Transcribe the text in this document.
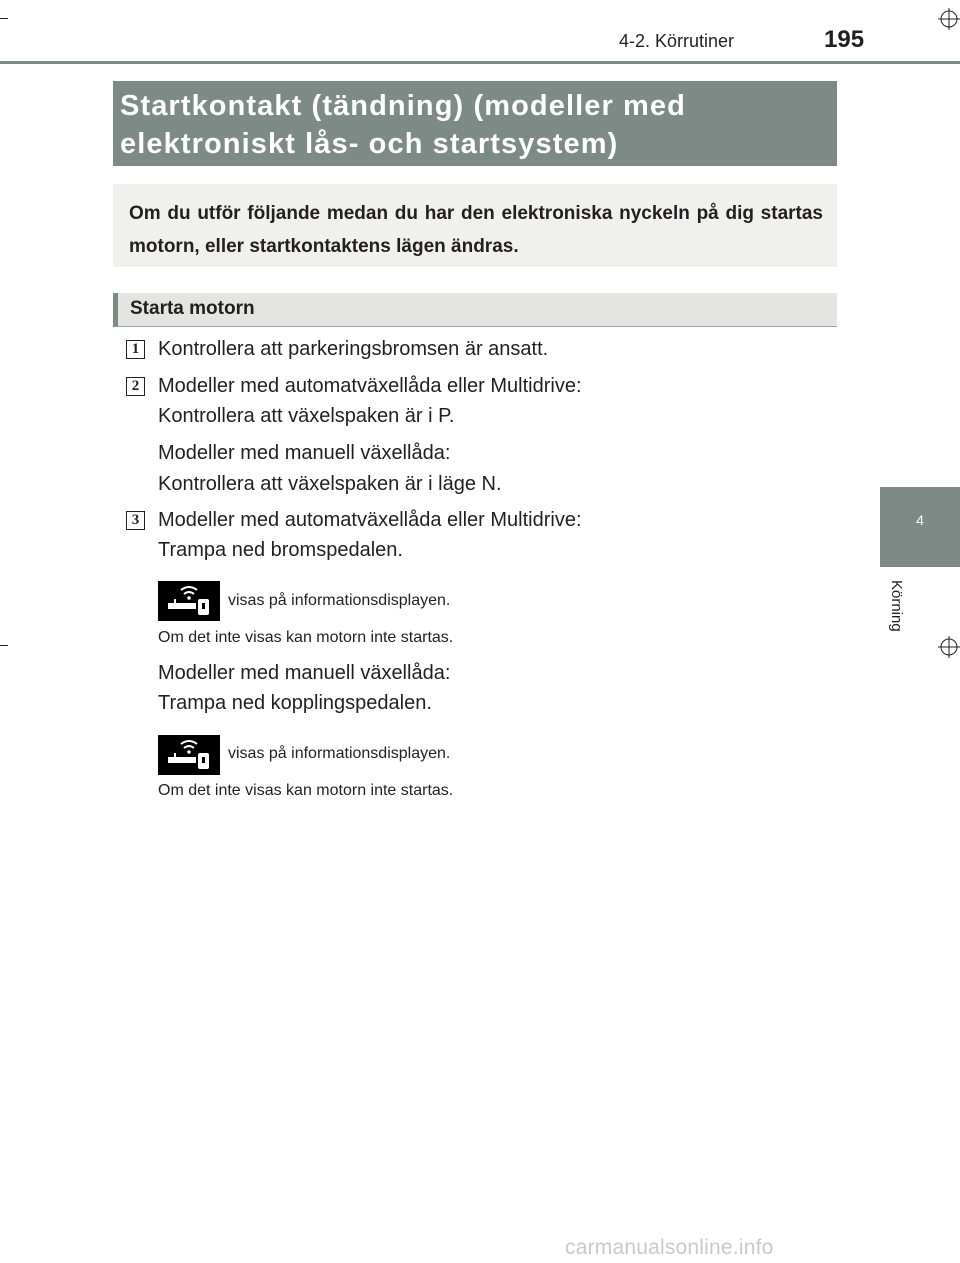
4-2. Körrutiner	195
4
Körning
Startkontakt (tändning) (modeller med
elektroniskt lås- och startsystem)
Om du utför följande medan du har den elektroniska nyckeln på dig startas motorn, eller startkontaktens lägen ändras.
Starta motorn
1 Kontrollera att parkeringsbromsen är ansatt.
2 Modeller med automatväxellåda eller Multidrive:
Kontrollera att växelspaken är i P.
Modeller med manuell växellåda:
Kontrollera att växelspaken är i läge N.
3 Modeller med automatväxellåda eller Multidrive:
Trampa ned bromspedalen.
visas på informationsdisplayen.
Om det inte visas kan motorn inte startas.
Modeller med manuell växellåda:
Trampa ned kopplingspedalen.
visas på informationsdisplayen.
Om det inte visas kan motorn inte startas.
carmanualsonline.info
